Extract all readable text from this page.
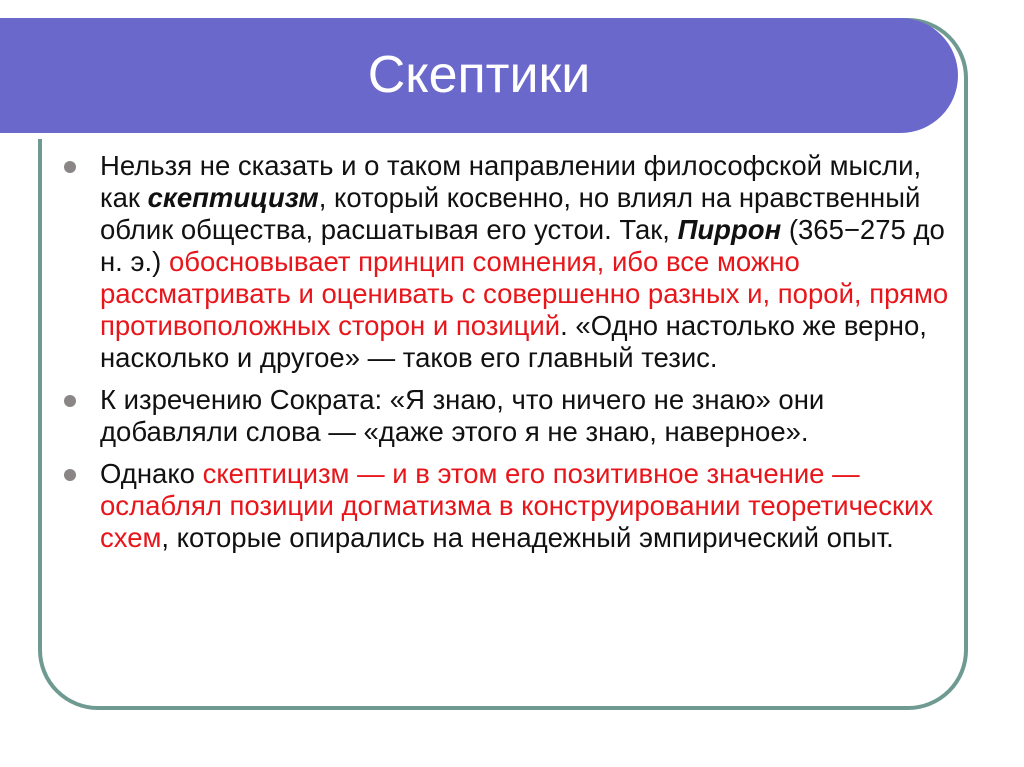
Скептики
Нельзя не сказать и о таком направлении философской мысли, как скептицизм, который косвенно, но влиял на нравственный облик общества, расшатывая его устои. Так, Пиррон (365−275 до н. э.) обосновывает принцип сомнения, ибо все можно рассматривать и оценивать с совершенно разных и, порой, прямо противоположных сторон и позиций. «Одно настолько же верно, насколько и другое» — таков его главный тезис.
К изречению Сократа: «Я знаю, что ничего не знаю» они добавляли слова — «даже этого я не знаю, наверное».
Однако скептицизм — и в этом его позитивное значение — ослаблял позиции догматизма в конструировании теоретических схем, которые опирались на ненадежный эмпирический опыт.
